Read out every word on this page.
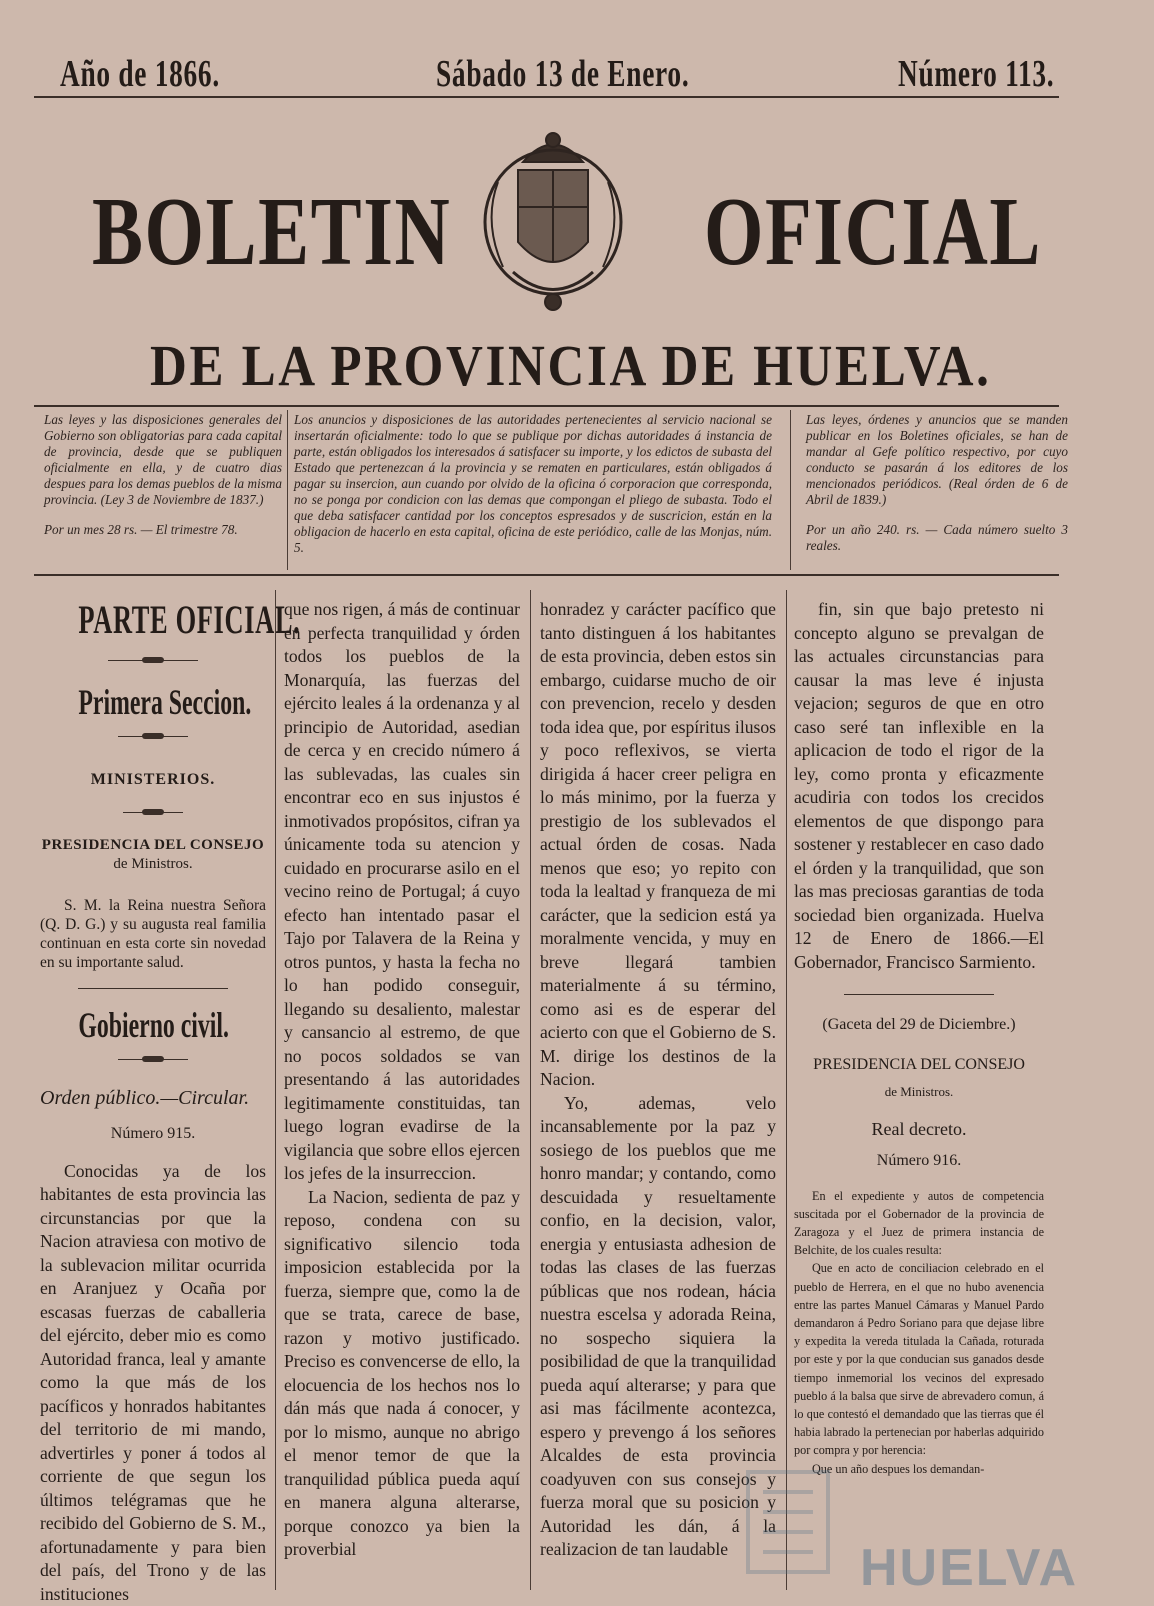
Año de 1866.	Sábado 13 de Enero.	Número 113.
BOLETIN	OFICIAL
DE LA PROVINCIA DE HUELVA.
Las leyes y las disposiciones generales del Gobierno son obligatorias para cada capital de provincia, desde que se publiquen oficialmente en ella, y de cuatro dias despues para los demas pueblos de la misma provincia. (Ley 3 de Noviembre de 1837.)
Por un mes 28 rs. — El trimestre 78.
Los anuncios y disposiciones de las autoridades pertenecientes al servicio nacional se insertarán oficialmente: todo lo que se publique por dichas autoridades á instancia de parte, están obligados los interesados á satisfacer su importe, y los edictos de subasta del Estado que pertenezcan á la provincia y se rematen en particulares, están obligados á pagar su insercion, aun cuando por olvido de la oficina ó corporacion que corresponda, no se ponga por condicion con las demas que compongan el pliego de subasta. Todo el que deba satisfacer cantidad por los conceptos espresados y de suscricion, están en la obligacion de hacerlo en esta capital, oficina de este periódico, calle de las Monjas, núm. 5.
Las leyes, órdenes y anuncios que se manden publicar en los Boletines oficiales, se han de mandar al Gefe político respectivo, por cuyo conducto se pasarán á los editores de los mencionados periódicos. (Real órden de 6 de Abril de 1839.)
Por un año 240. rs. — Cada número suelto 3 reales.

PARTE OFICIAL.

Primera Seccion.

MINISTERIOS.

PRESIDENCIA DEL CONSEJO
de Ministros.

S. M. la Reina nuestra Señora (Q. D. G.) y su augusta real familia continuan en esta corte sin novedad en su importante salud.

Gobierno civil.

Orden público.—Circular.

Número 915.

Conocidas ya de los habitantes de esta provincia las circunstancias por que la Nacion atraviesa con motivo de la sublevacion militar ocurrida en Aranjuez y Ocaña por escasas fuerzas de caballeria del ejército, deber mio es como Autoridad franca, leal y amante como la que más de los pacíficos y honrados habitantes del territorio de mi mando, advertirles y poner á todos al corriente de que segun los últimos telégramas que he recibido del Gobierno de S. M., afortunadamente y para bien del país, del Trono y de las instituciones

que nos rigen, á más de continuar en perfecta tranquilidad y órden todos los pueblos de la Monarquía, las fuerzas del ejército leales á la ordenanza y al principio de Autoridad, asedian de cerca y en crecido número á las sublevadas, las cuales sin encontrar eco en sus injustos é inmotivados propósitos, cifran ya únicamente toda su atencion y cuidado en procurarse asilo en el vecino reino de Portugal; á cuyo efecto han intentado pasar el Tajo por Talavera de la Reina y otros puntos, y hasta la fecha no lo han podido conseguir, llegando su desaliento, malestar y cansancio al estremo, de que no pocos soldados se van presentando á las autoridades legitimamente constituidas, tan luego logran evadirse de la vigilancia que sobre ellos ejercen los jefes de la insurreccion.

La Nacion, sedienta de paz y reposo, condena con su significativo silencio toda imposicion establecida por la fuerza, siempre que, como la de que se trata, carece de base, razon y motivo justificado. Preciso es convencerse de ello, la elocuencia de los hechos nos lo dán más que nada á conocer, y por lo mismo, aunque no abrigo el menor temor de que la tranquilidad pública pueda aquí en manera alguna alterarse, porque conozco ya bien la proverbial

honradez y carácter pacífico que tanto distinguen á los habitantes de esta provincia, deben estos sin embargo, cuidarse mucho de oir con prevencion, recelo y desden toda idea que, por espíritus ilusos y poco reflexivos, se vierta dirigida á hacer creer peligra en lo más minimo, por la fuerza y prestigio de los sublevados el actual órden de cosas. Nada menos que eso; yo repito con toda la lealtad y franqueza de mi carácter, que la sedicion está ya moralmente vencida, y muy en breve llegará tambien materialmente á su término, como asi es de esperar del acierto con que el Gobierno de S. M. dirige los destinos de la Nacion.

Yo, ademas, velo incansablemente por la paz y sosiego de los pueblos que me honro mandar; y contando, como descuidada y resueltamente confio, en la decision, valor, energia y entusiasta adhesion de todas las clases de las fuerzas públicas que nos rodean, hácia nuestra escelsa y adorada Reina, no sospecho siquiera la posibilidad de que la tranquilidad pueda aquí alterarse; y para que asi mas fácilmente acontezca, espero y prevengo á los señores Alcaldes de esta provincia coadyuven con sus consejos y fuerza moral que su posicion y Autoridad les dán, á la realizacion de tan laudable

fin, sin que bajo pretesto ni concepto alguno se prevalgan de las actuales circunstancias para causar la mas leve é injusta vejacion; seguros de que en otro caso seré tan inflexible en la aplicacion de todo el rigor de la ley, como pronta y eficazmente acudiria con todos los crecidos elementos de que dispongo para sostener y restablecer en caso dado el órden y la tranquilidad, que son las mas preciosas garantias de toda sociedad bien organizada. Huelva 12 de Enero de 1866.—El Gobernador, Francisco Sarmiento.

(Gaceta del 29 de Diciembre.)

PRESIDENCIA DEL CONSEJO

de Ministros.

Real decreto.

Número 916.

En el expediente y autos de competencia suscitada por el Gobernador de la provincia de Zaragoza y el Juez de primera instancia de Belchite, de los cuales resulta:

Que en acto de conciliacion celebrado en el pueblo de Herrera, en el que no hubo avenencia entre las partes Manuel Cámaras y Manuel Pardo demandaron á Pedro Soriano para que dejase libre y expedita la vereda titulada la Cañada, roturada por este y por la que conducian sus ganados desde tiempo inmemorial los vecinos del expresado pueblo á la balsa que sirve de abrevadero comun, á lo que contestó el demandado que las tierras que él habia labrado la pertenecian por haberlas adquirido por compra y por herencia:

Que un año despues los demandan-

HUELVA
